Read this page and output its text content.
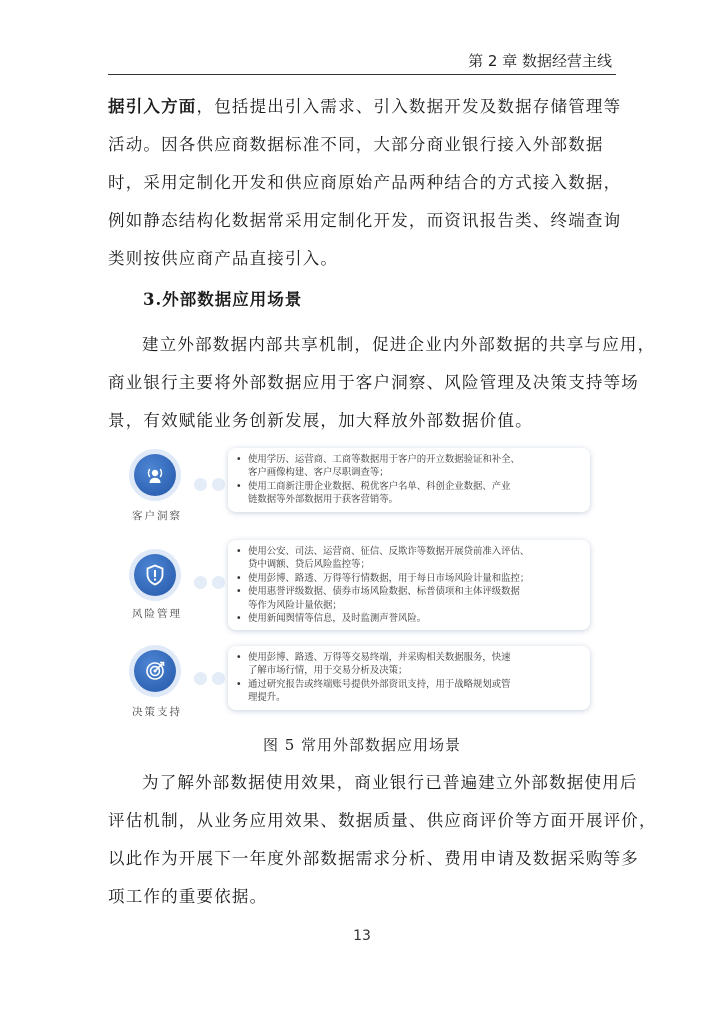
第 2 章 数据经营主线
据引入方面，包括提出引入需求、引入数据开发及数据存储管理等
活动。因各供应商数据标准不同，大部分商业银行接入外部数据
时，采用定制化开发和供应商原始产品两种结合的方式接入数据，
例如静态结构化数据常采用定制化开发，而资讯报告类、终端查询
类则按供应商产品直接引入。
3.外部数据应用场景
建立外部数据内部共享机制，促进企业内外部数据的共享与应用，
商业银行主要将外部数据应用于客户洞察、风险管理及决策支持等场
景，有效赋能业务创新发展，加大释放外部数据价值。
客户洞察
• 使用学历、运营商、工商等数据用于客户的开立数据验证和补全、
客户画像构建、客户尽职调查等；
• 使用工商新注册企业数据、税优客户名单、科创企业数据、产业
链数据等外部数据用于获客营销等。
风险管理
• 使用公安、司法、运营商、征信、反欺诈等数据开展贷前准入评估、
贷中调额、贷后风险监控等；
• 使用彭博、路透、万得等行情数据，用于每日市场风险计量和监控；
• 使用惠誉评级数据、债券市场风险数据、标普债项和主体评级数据
等作为风险计量依据；
• 使用新闻舆情等信息，及时监测声誉风险。
决策支持
• 使用彭博、路透、万得等交易终端，并采购相关数据服务，快速
了解市场行情，用于交易分析及决策；
• 通过研究报告或终端账号提供外部资讯支持，用于战略规划或管
理提升。
图 5 常用外部数据应用场景
为了解外部数据使用效果，商业银行已普遍建立外部数据使用后
评估机制，从业务应用效果、数据质量、供应商评价等方面开展评价，
以此作为开展下一年度外部数据需求分析、费用申请及数据采购等多
项工作的重要依据。
13
